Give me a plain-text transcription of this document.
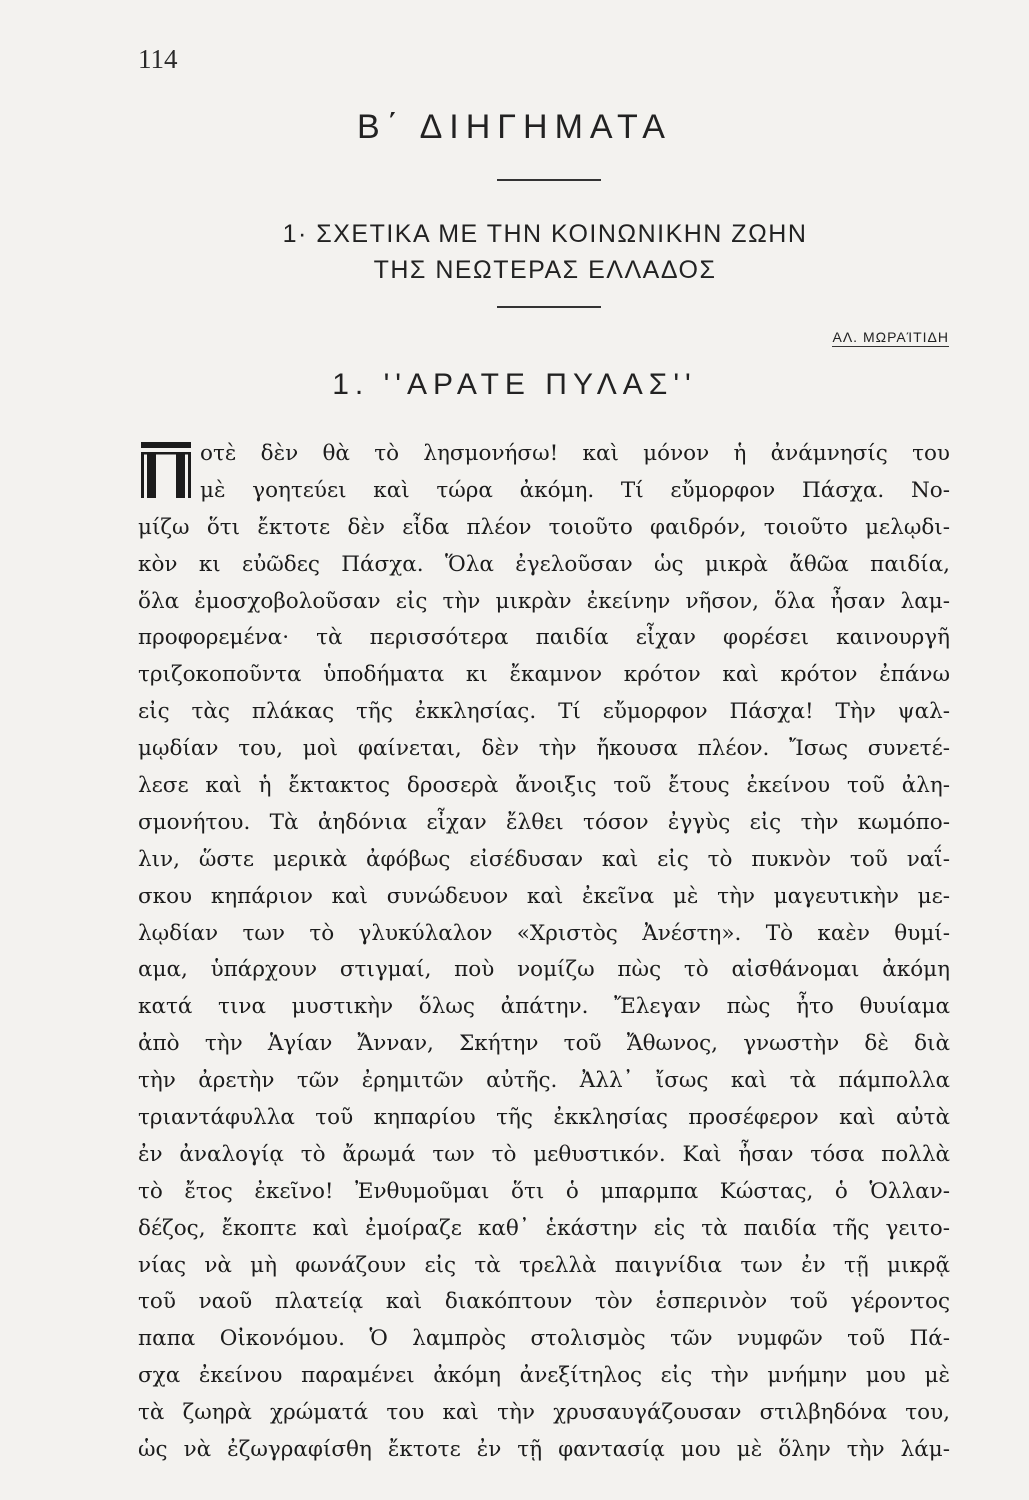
114
Β΄ ΔΙΗΓΗΜΑΤΑ
1· ΣΧΕΤΙΚΑ ΜΕ ΤΗΝ ΚΟΙΝΩΝΙΚΗΝ ΖΩΗΝ
ΤΗΣ ΝΕΩΤΕΡΑΣ ΕΛΛΑΔΟΣ
ΑΛ. ΜΩΡΑΊΤΙΔΗ
1. ''ΑΡΑΤΕ ΠΥΛΑΣ''
οτὲ δὲν θὰ τὸ λησμονήσω! καὶ μόνον ἡ ἀνάμνησίς του
μὲ γοητεύει καὶ τώρα ἀκόμη. Τί εὔμορφον Πάσχα. Νο-
μίζω ὅτι ἔκτοτε δὲν εἶδα πλέον τοιοῦτο φαιδρόν, τοιοῦτο μελῳδι-
κὸν κι εὐῶδες Πάσχα. Ὅλα ἐγελοῦσαν ὡς μικρὰ ἄθῶα παιδία,
ὅλα ἐμοσχοβολοῦσαν εἰς τὴν μικρὰν ἐκείνην νῆσον, ὅλα ἦσαν λαμ-
προφορεμένα· τὰ περισσότερα παιδία εἶχαν φορέσει καινουργῆ
τριζοκοποῦντα ὑποδήματα κι ἔκαμνον κρότον καὶ κρότον ἐπάνω
εἰς τὰς πλάκας τῆς ἐκκλησίας. Τί εὔμορφον Πάσχα! Τὴν ψαλ-
μῳδίαν του, μοὶ φαίνεται, δὲν τὴν ἤκουσα πλέον. Ἴσως συνετέ-
λεσε καὶ ἡ ἔκτακτος δροσερὰ ἄνοιξις τοῦ ἔτους ἐκείνου τοῦ ἀλη-
σμονήτου. Τὰ ἀηδόνια εἶχαν ἔλθει τόσον ἐγγὺς εἰς τὴν κωμόπο-
λιν, ὥστε μερικὰ ἀφόβως εἰσέδυσαν καὶ εἰς τὸ πυκνὸν τοῦ ναΐ-
σκου κηπάριον καὶ συνώδευον καὶ ἐκεῖνα μὲ τὴν μαγευτικὴν με-
λῳδίαν των τὸ γλυκύλαλον «Χριστὸς Ἀνέστη». Τὸ καὲν θυμί-
αμα, ὑπάρχουν στιγμαί, ποὺ νομίζω πὼς τὸ αἰσθάνομαι ἀκόμη
κατά τινα μυστικὴν ὅλως ἀπάτην. Ἔλεγαν πὼς ἦτο θυυίαμα
ἀπὸ τὴν Ἁγίαν Ἄνναν, Σκήτην τοῦ Ἄθωνος, γνωστὴν δὲ διὰ
τὴν ἀρετὴν τῶν ἐρημιτῶν αὐτῆς. Ἀλλ᾽ ἴσως καὶ τὰ πάμπολλα
τριαντάφυλλα τοῦ κηπαρίου τῆς ἐκκλησίας προσέφερον καὶ αὐτὰ
ἐν ἀναλογίᾳ τὸ ἄρωμά των τὸ μεθυστικόν. Καὶ ἦσαν τόσα πολλὰ
τὸ ἔτος ἐκεῖνο! Ἐνθυμοῦμαι ὅτι ὁ μπαρμπα Κώστας, ὁ Ὁλλαν-
δέζος, ἔκοπτε καὶ ἐμοίραζε καθ᾽ ἑκάστην εἰς τὰ παιδία τῆς γειτο-
νίας νὰ μὴ φωνάζουν εἰς τὰ τρελλὰ παιγνίδια των ἐν τῇ μικρᾷ
τοῦ ναοῦ πλατείᾳ καὶ διακόπτουν τὸν ἑσπερινὸν τοῦ γέροντος
παπα Οἰκονόμου. Ὁ λαμπρὸς στολισμὸς τῶν νυμφῶν τοῦ Πά-
σχα ἐκείνου παραμένει ἀκόμη ἀνεξίτηλος εἰς τὴν μνήμην μου μὲ
τὰ ζωηρὰ χρώματά του καὶ τὴν χρυσαυγάζουσαν στιλβηδόνα του,
ὡς νὰ ἐζωγραφίσθη ἔκτοτε ἐν τῇ φαντασίᾳ μου μὲ ὅλην τὴν λάμ-
